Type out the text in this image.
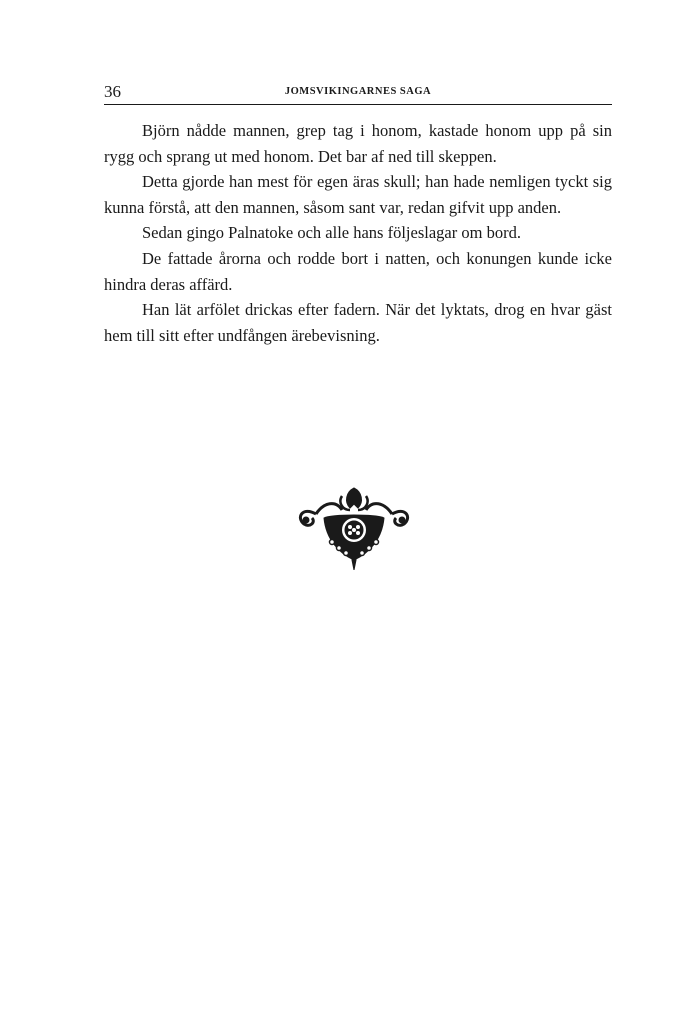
36	JOMSVIKINGARNES SAGA

Björn nådde mannen, grep tag i honom, kastade honom upp på sin rygg och sprang ut med honom. Det bar af ned till skeppen.

Detta gjorde han mest för egen äras skull; han hade nemligen tyckt sig kunna förstå, att den mannen, såsom sant var, redan gifvit upp anden.

Sedan gingo Palnatoke och alle hans följeslagar om bord.

De fattade årorna och rodde bort i natten, och konungen kunde icke hindra deras affärd.

Han lät arfölet drickas efter fadern. När det lyktats, drog en hvar gäst hem till sitt efter undfången ärebevisning.
